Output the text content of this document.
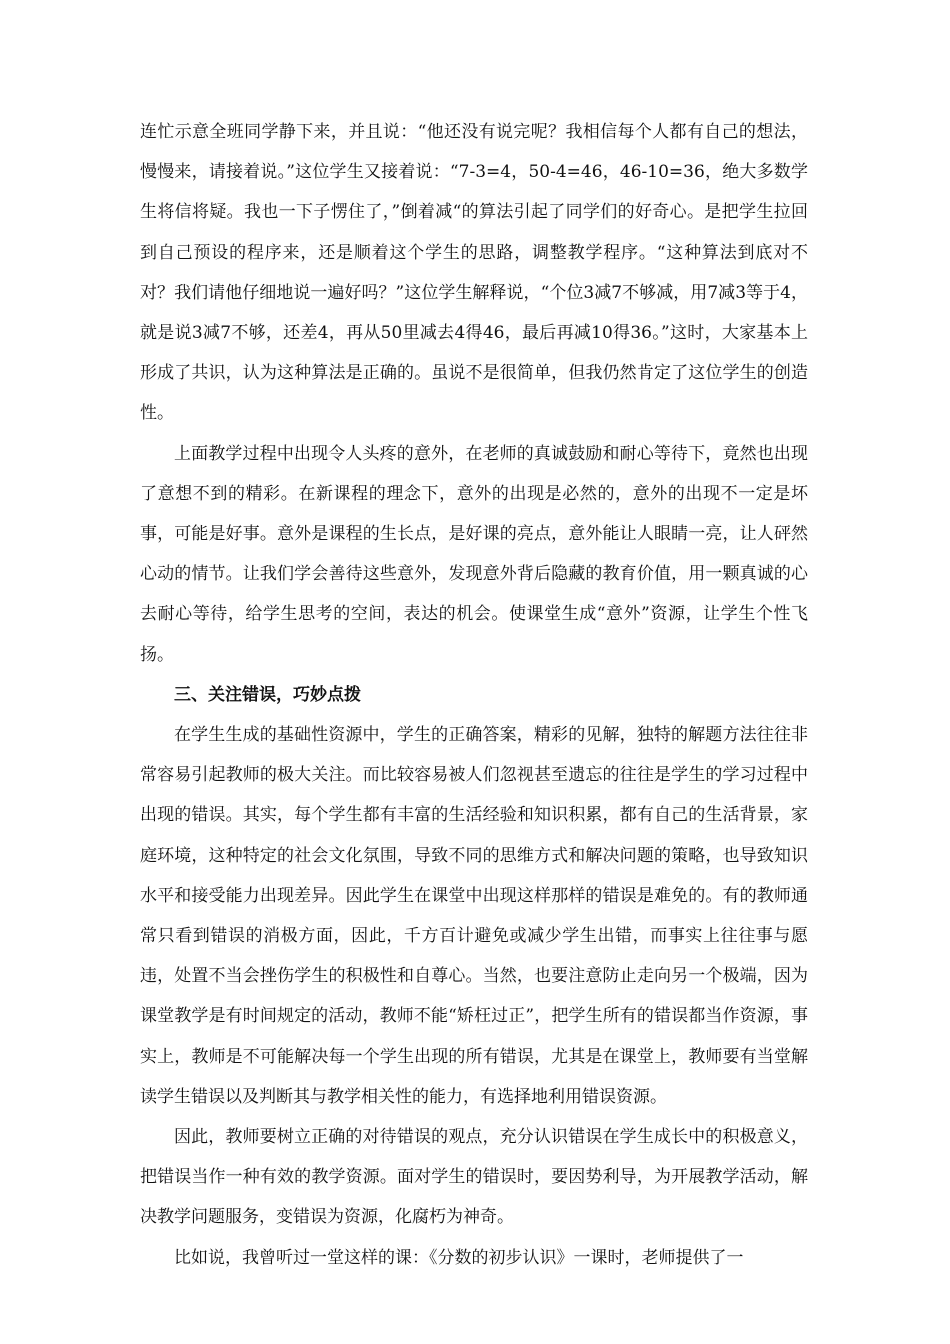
连忙示意全班同学静下来，并且说：“他还没有说完呢？我相信每个人都有自己的想法，慢慢来，请接着说。”这位学生又接着说：“7-3=4，50-4=46，46-10=36，绝大多数学生将信将疑。我也一下子愣住了，”倒着减“的算法引起了同学们的好奇心。是把学生拉回到自己预设的程序来，还是顺着这个学生的思路，调整教学程序。“这种算法到底对不对？我们请他仔细地说一遍好吗？”这位学生解释说，“个位3减7不够减，用7减3等于4，就是说3减7不够，还差4，再从50里减去4得46，最后再减10得36。”这时，大家基本上形成了共识，认为这种算法是正确的。虽说不是很简单，但我仍然肯定了这位学生的创造性。

上面教学过程中出现令人头疼的意外，在老师的真诚鼓励和耐心等待下，竟然也出现了意想不到的精彩。在新课程的理念下，意外的出现是必然的，意外的出现不一定是坏事，可能是好事。意外是课程的生长点，是好课的亮点，意外能让人眼睛一亮，让人砰然心动的情节。让我们学会善待这些意外，发现意外背后隐藏的教育价值，用一颗真诚的心去耐心等待，给学生思考的空间，表达的机会。使课堂生成“意外”资源，让学生个性飞扬。

三、关注错误，巧妙点拨

在学生生成的基础性资源中，学生的正确答案，精彩的见解，独特的解题方法往往非常容易引起教师的极大关注。而比较容易被人们忽视甚至遗忘的往往是学生的学习过程中出现的错误。其实，每个学生都有丰富的生活经验和知识积累，都有自己的生活背景，家庭环境，这种特定的社会文化氛围，导致不同的思维方式和解决问题的策略，也导致知识水平和接受能力出现差异。因此学生在课堂中出现这样那样的错误是难免的。有的教师通常只看到错误的消极方面，因此，千方百计避免或减少学生出错，而事实上往往事与愿违，处置不当会挫伤学生的积极性和自尊心。当然，也要注意防止走向另一个极端，因为课堂教学是有时间规定的活动，教师不能“矫枉过正”，把学生所有的错误都当作资源，事实上，教师是不可能解决每一个学生出现的所有错误，尤其是在课堂上，教师要有当堂解读学生错误以及判断其与教学相关性的能力，有选择地利用错误资源。

因此，教师要树立正确的对待错误的观点，充分认识错误在学生成长中的积极意义，把错误当作一种有效的教学资源。面对学生的错误时，要因势利导，为开展教学活动，解决教学问题服务，变错误为资源，化腐朽为神奇。

比如说，我曾听过一堂这样的课：《分数的初步认识》一课时，老师提供了一
